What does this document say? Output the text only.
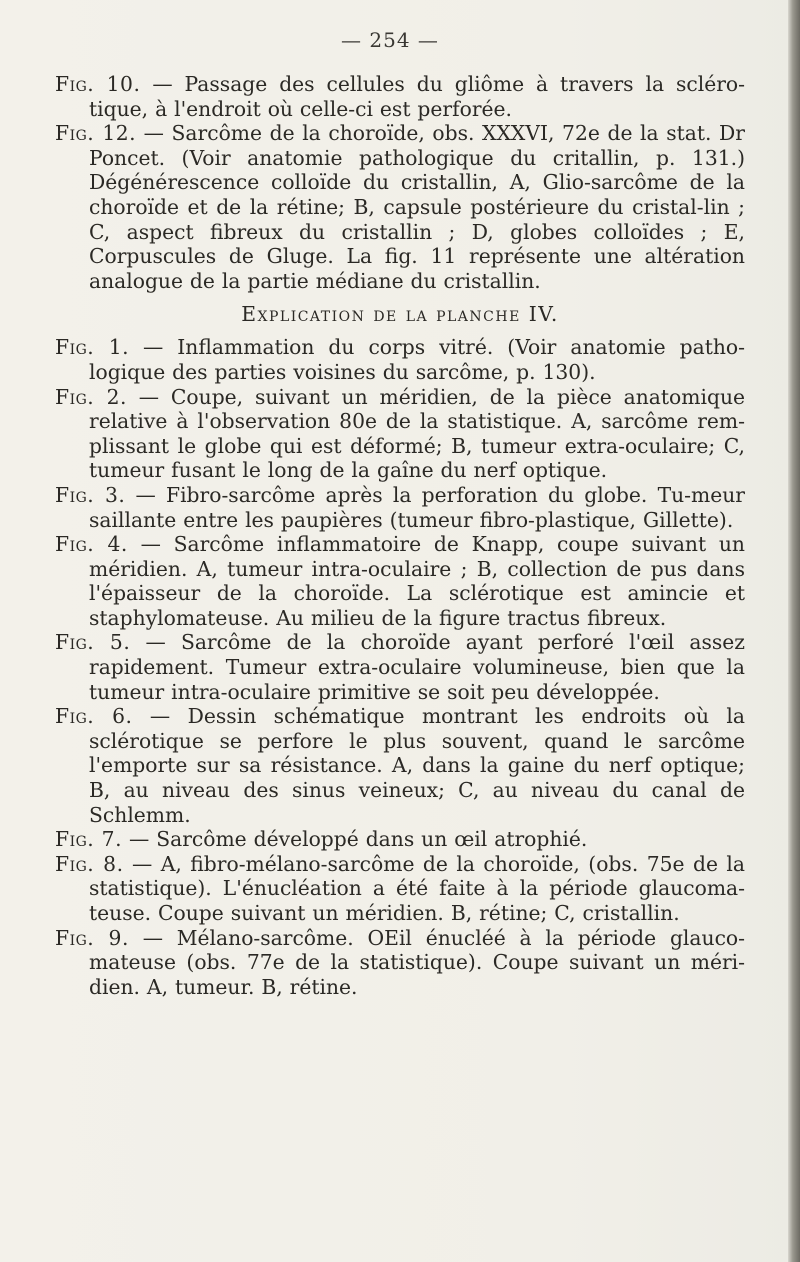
— 254 —

Fig. 10. — Passage des cellules du gliôme à travers la scléro-tique, à l'endroit où celle-ci est perforée.

Fig. 12. — Sarcôme de la choroïde, obs. XXXVI, 72e de la stat. Dr Poncet. (Voir anatomie pathologique du critallin, p. 131.) Dégénérescence colloïde du cristallin, A, Glio-sarcôme de la choroïde et de la rétine; B, capsule postérieure du cristal-lin ; C, aspect fibreux du cristallin ; D, globes colloïdes ; E, Corpuscules de Gluge. La fig. 11 représente une altération analogue de la partie médiane du cristallin.

Explication de la planche IV.

Fig. 1. — Inflammation du corps vitré. (Voir anatomie patho-logique des parties voisines du sarcôme, p. 130).

Fig. 2. — Coupe, suivant un méridien, de la pièce anatomique relative à l'observation 80e de la statistique. A, sarcôme rem-plissant le globe qui est déformé; B, tumeur extra-oculaire; C, tumeur fusant le long de la gaîne du nerf optique.

Fig. 3. — Fibro-sarcôme après la perforation du globe. Tu-meur saillante entre les paupières (tumeur fibro-plastique, Gillette).

Fig. 4. — Sarcôme inflammatoire de Knapp, coupe suivant un méridien. A, tumeur intra-oculaire ; B, collection de pus dans l'épaisseur de la choroïde. La sclérotique est amincie et staphylomateuse. Au milieu de la figure tractus fibreux.

Fig. 5. — Sarcôme de la choroïde ayant perforé l'œil assez rapidement. Tumeur extra-oculaire volumineuse, bien que la tumeur intra-oculaire primitive se soit peu développée.

Fig. 6. — Dessin schématique montrant les endroits où la sclérotique se perfore le plus souvent, quand le sarcôme l'emporte sur sa résistance. A, dans la gaine du nerf optique; B, au niveau des sinus veineux; C, au niveau du canal de Schlemm.

Fig. 7. — Sarcôme développé dans un œil atrophié.

Fig. 8. — A, fibro-mélano-sarcôme de la choroïde, (obs. 75e de la statistique). L'énucléation a été faite à la période glaucoma-teuse. Coupe suivant un méridien. B, rétine; C, cristallin.

Fig. 9. — Mélano-sarcôme. OEil énucléé à la période glauco-mateuse (obs. 77e de la statistique). Coupe suivant un méri-dien. A, tumeur. B, rétine.
